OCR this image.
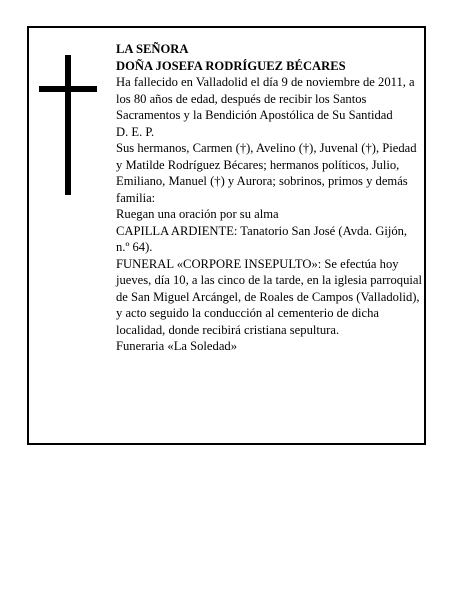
LA SEÑORA

DOÑA JOSEFA RODRÍGUEZ BÉCARES

Ha fallecido en Valladolid el día 9 de noviembre de 2011, a los 80 años de edad, después de recibir los Santos Sacramentos y la Bendición Apostólica de Su Santidad

D. E. P.

Sus hermanos, Carmen (†), Avelino (†), Juvenal (†), Piedad y Matilde Rodríguez Bécares; hermanos políticos, Julio, Emiliano, Manuel (†) y Aurora; sobrinos, primos y demás familia:

Ruegan una oración por su alma

CAPILLA ARDIENTE: Tanatorio San José (Avda. Gijón, n.º 64).

FUNERAL «CORPORE INSEPULTO»: Se efectúa hoy jueves, día 10, a las cinco de la tarde, en la iglesia parroquial de San Miguel Arcángel, de Roales de Campos (Valladolid), y acto seguido la conducción al cementerio de dicha localidad, donde recibirá cristiana sepultura.

Funeraria «La Soledad»
